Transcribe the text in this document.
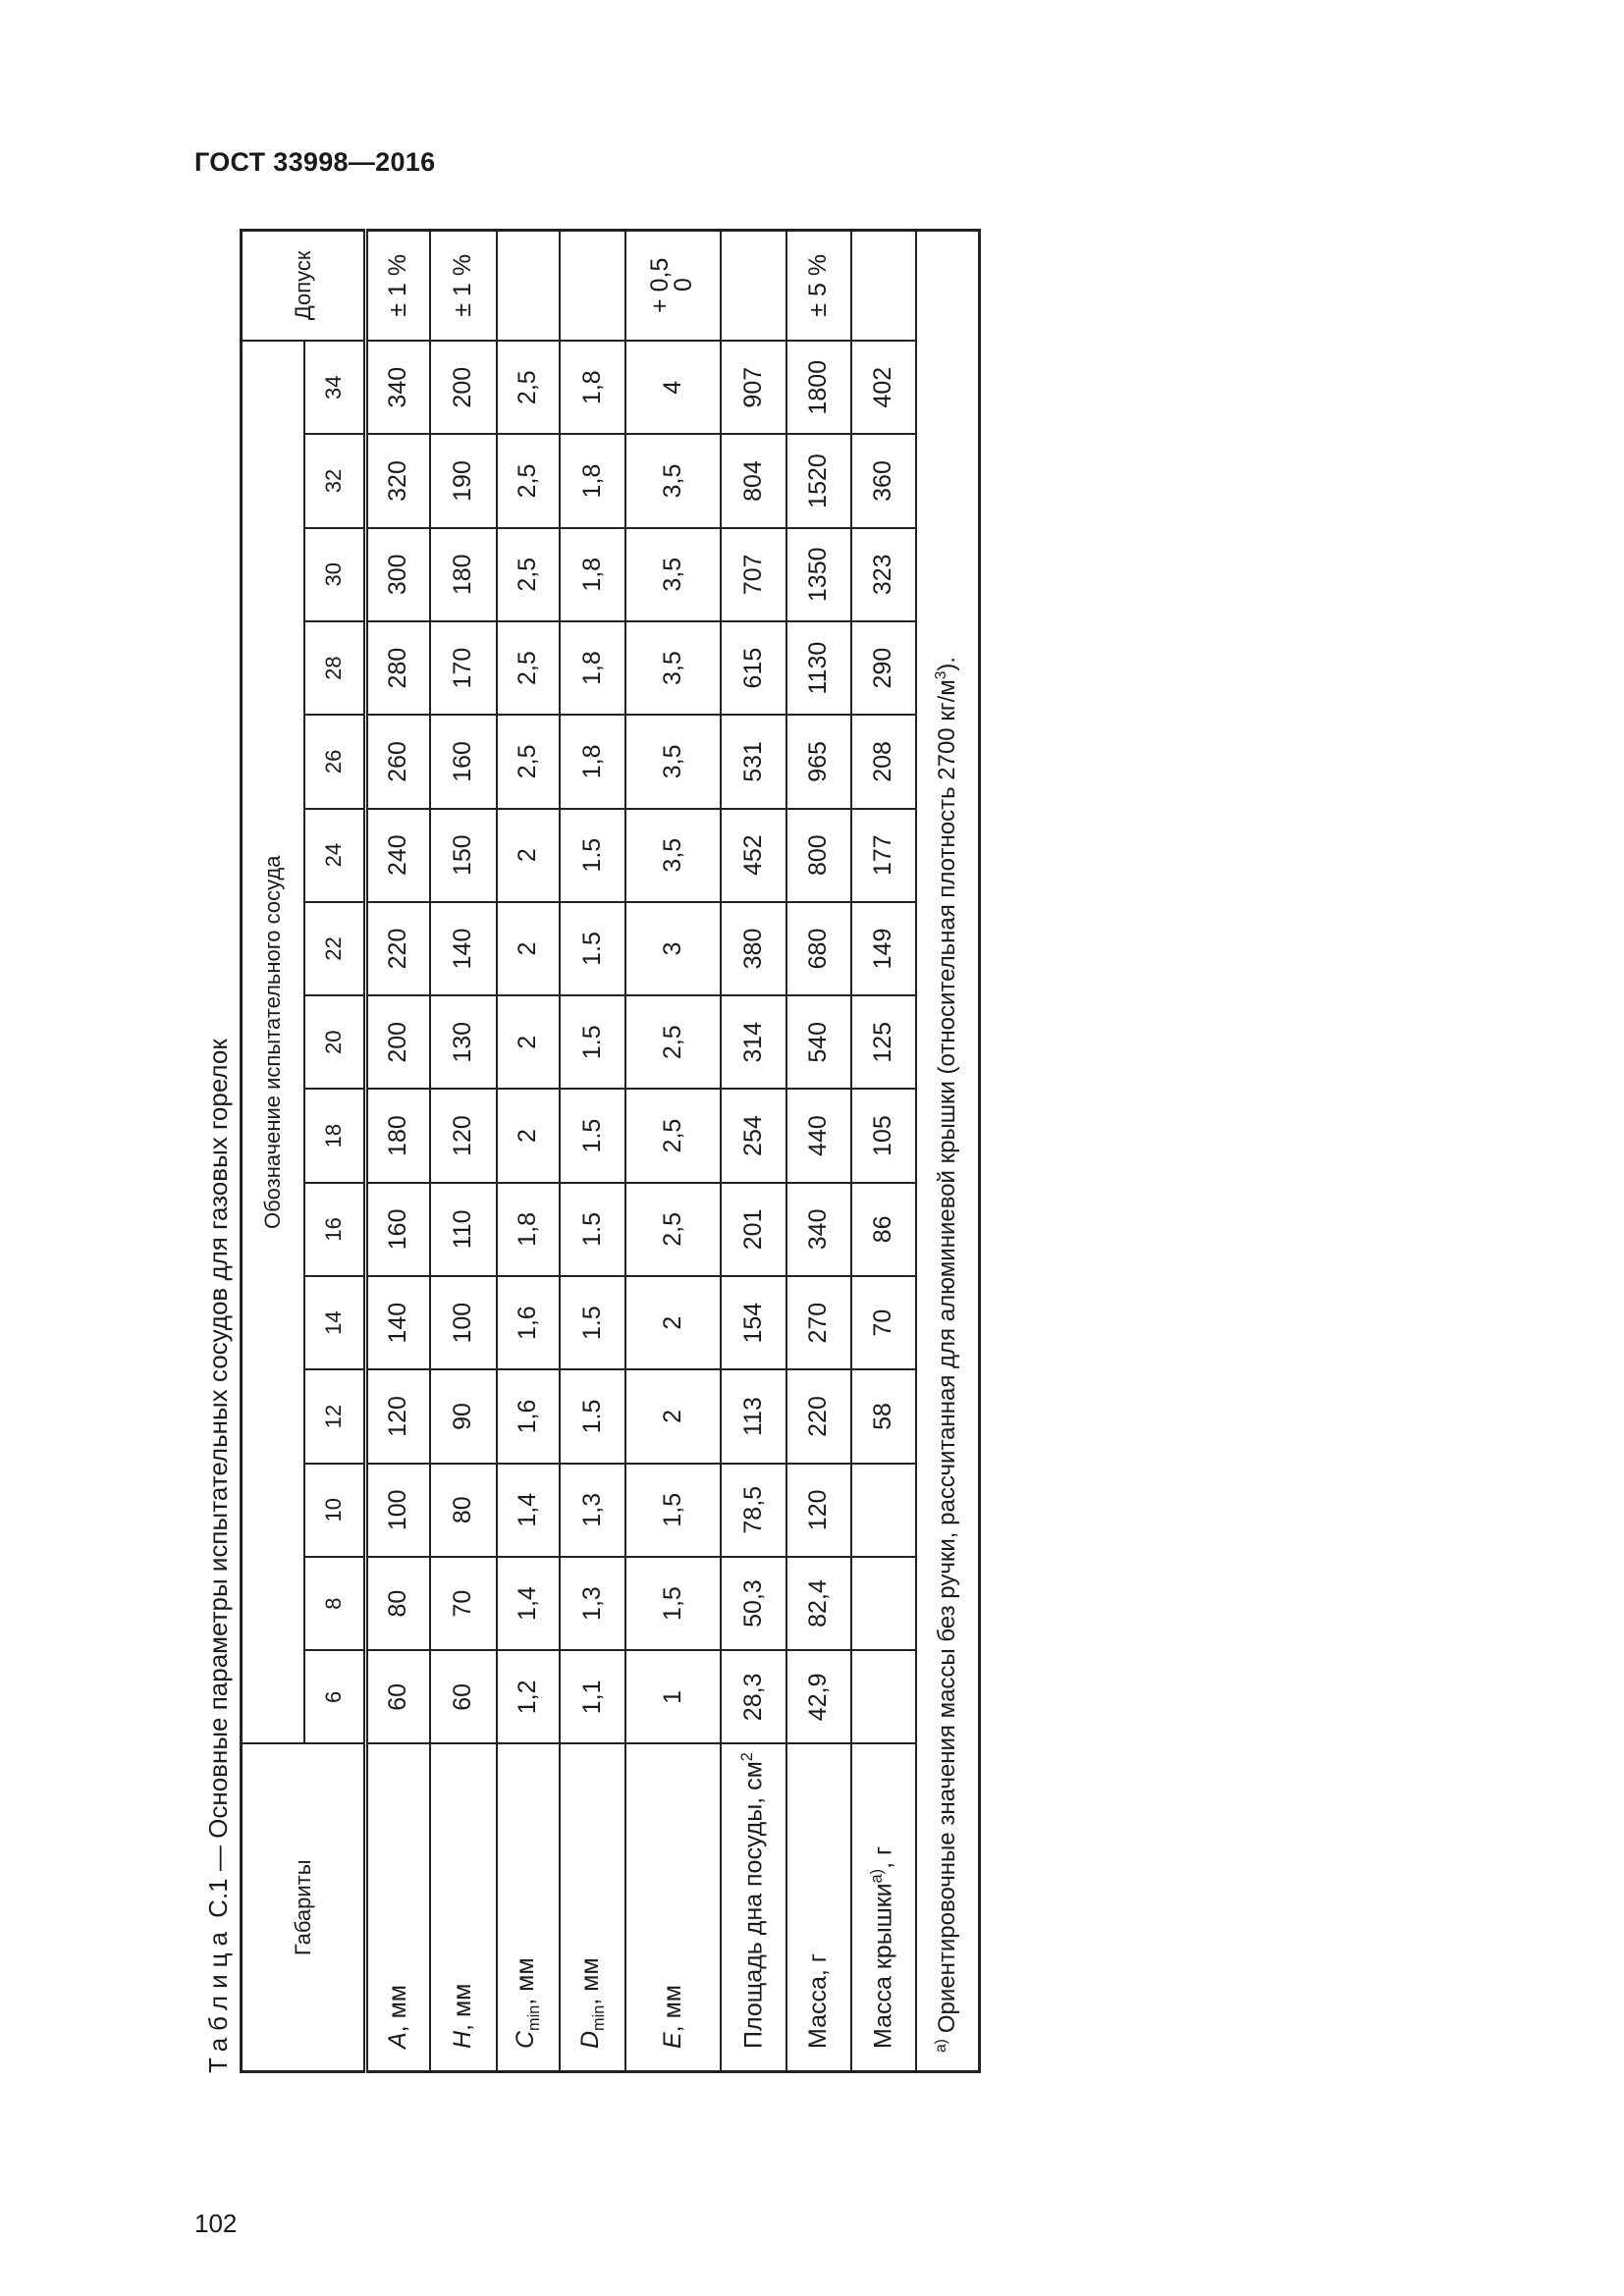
ГОСТ 33998—2016
Таблица С.1 — Основные параметры испытательных сосудов для газовых горелок
Габариты	Обозначение испытательного сосуда															Допуск
	6	8	10	12	14	16	18	20	22	24	26	28	30	32	34	
A, мм	60	80	100	120	140	160	180	200	220	240	260	280	300	320	340	± 1 %
H, мм	60	70	80	90	100	110	120	130	140	150	160	170	180	190	200	± 1 %
$C_{min}$, мм	1,2	1,4	1,4	1,6	1,6	1,8	2	2	2	2	2,5	2,5	2,5	2,5	2,5	
$D_{min}$, мм	1,1	1,3	1,3	1.5	1.5	1.5	1.5	1.5	1.5	1.5	1,8	1,8	1,8	1,8	1,8	
E, мм	1	1,5	1,5	2	2	2,5	2,5	2,5	3	3,5	3,5	3,5	3,5	3,5	4	+ 0,5
0

Площадь дна посуды, $см^2$	28,3	50,3	78,5	113	154	201	254	314	380	452	531	615	707	804	907	
Масса, г	42,9	82,4	120	220	270	340	440	540	680	800	965	1130	1350	1520	1800	± 5 %
Масса крышки$^{а)}$, г				58	70	86	105	125	149	177	208	290	323	360	402	
$^{а)}$Ориентировочные значения массы без ручки, рассчитанная для алюминиевой крышки (относительная плотность 2700 $кг/м^3$).																
102
